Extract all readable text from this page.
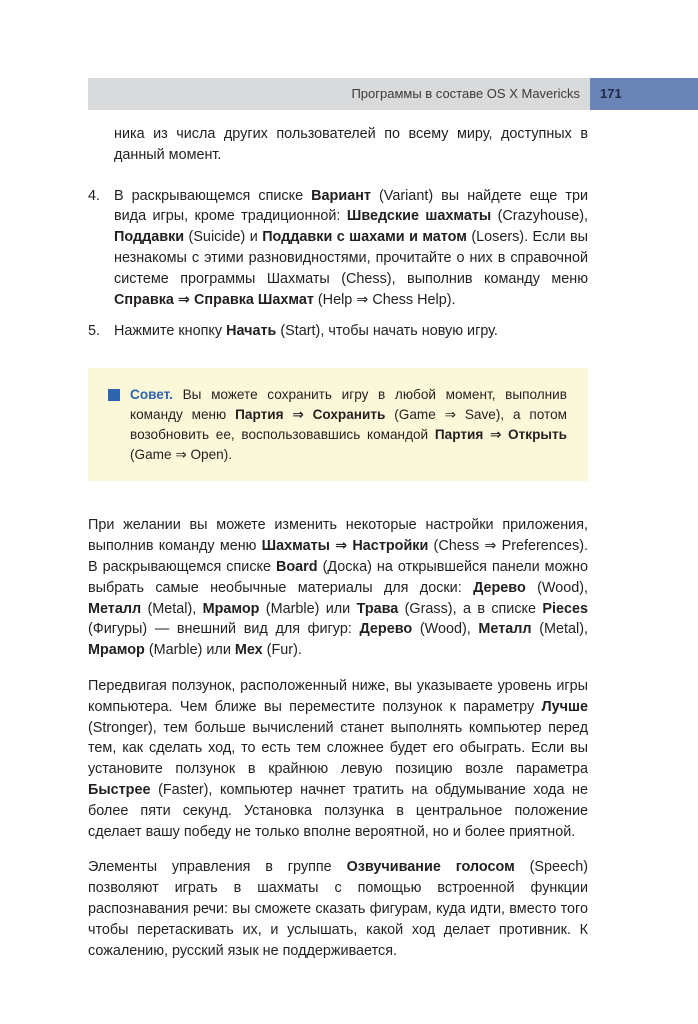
Программы в составе OS X Mavericks 171

ника из числа других пользователей по всему миру, доступных в данный момент.

4. В раскрывающемся списке Вариант (Variant) вы найдете еще три вида игры, кроме традиционной: Шведские шахматы (Crazyhouse), Поддавки (Suicide) и Поддавки с шахами и матом (Losers). Если вы незнакомы с этими разновидностями, прочитайте о них в справочной системе программы Шахматы (Chess), выполнив команду меню Справка ⇒ Справка Шахмат (Help ⇒ Chess Help).

5. Нажмите кнопку Начать (Start), чтобы начать новую игру.

Совет. Вы можете сохранить игру в любой момент, выполнив команду меню Партия ⇒ Сохранить (Game ⇒ Save), а потом возобновить ее, воспользовавшись командой Партия ⇒ Открыть (Game ⇒ Open).

При желании вы можете изменить некоторые настройки приложения, выполнив команду меню Шахматы ⇒ Настройки (Chess ⇒ Preferences). В раскрывающемся списке Board (Доска) на открывшейся панели можно выбрать самые необычные материалы для доски: Дерево (Wood), Металл (Metal), Мрамор (Marble) или Трава (Grass), а в списке Pieces (Фигуры) — внешний вид для фигур: Дерево (Wood), Металл (Metal), Мрамор (Marble) или Мех (Fur).

Передвигая ползунок, расположенный ниже, вы указываете уровень игры компьютера. Чем ближе вы переместите ползунок к параметру Лучше (Stronger), тем больше вычислений станет выполнять компьютер перед тем, как сделать ход, то есть тем сложнее будет его обыграть. Если вы установите ползунок в крайнюю левую позицию возле параметра Быстрее (Faster), компьютер начнет тратить на обдумывание хода не более пяти секунд. Установка ползунка в центральное положение сделает вашу победу не только вполне вероятной, но и более приятной.

Элементы управления в группе Озвучивание голосом (Speech) позволяют играть в шахматы с помощью встроенной функции распознавания речи: вы сможете сказать фигурам, куда идти, вместо того чтобы перетаскивать их, и услышать, какой ход делает противник. К сожалению, русский язык не поддерживается.
